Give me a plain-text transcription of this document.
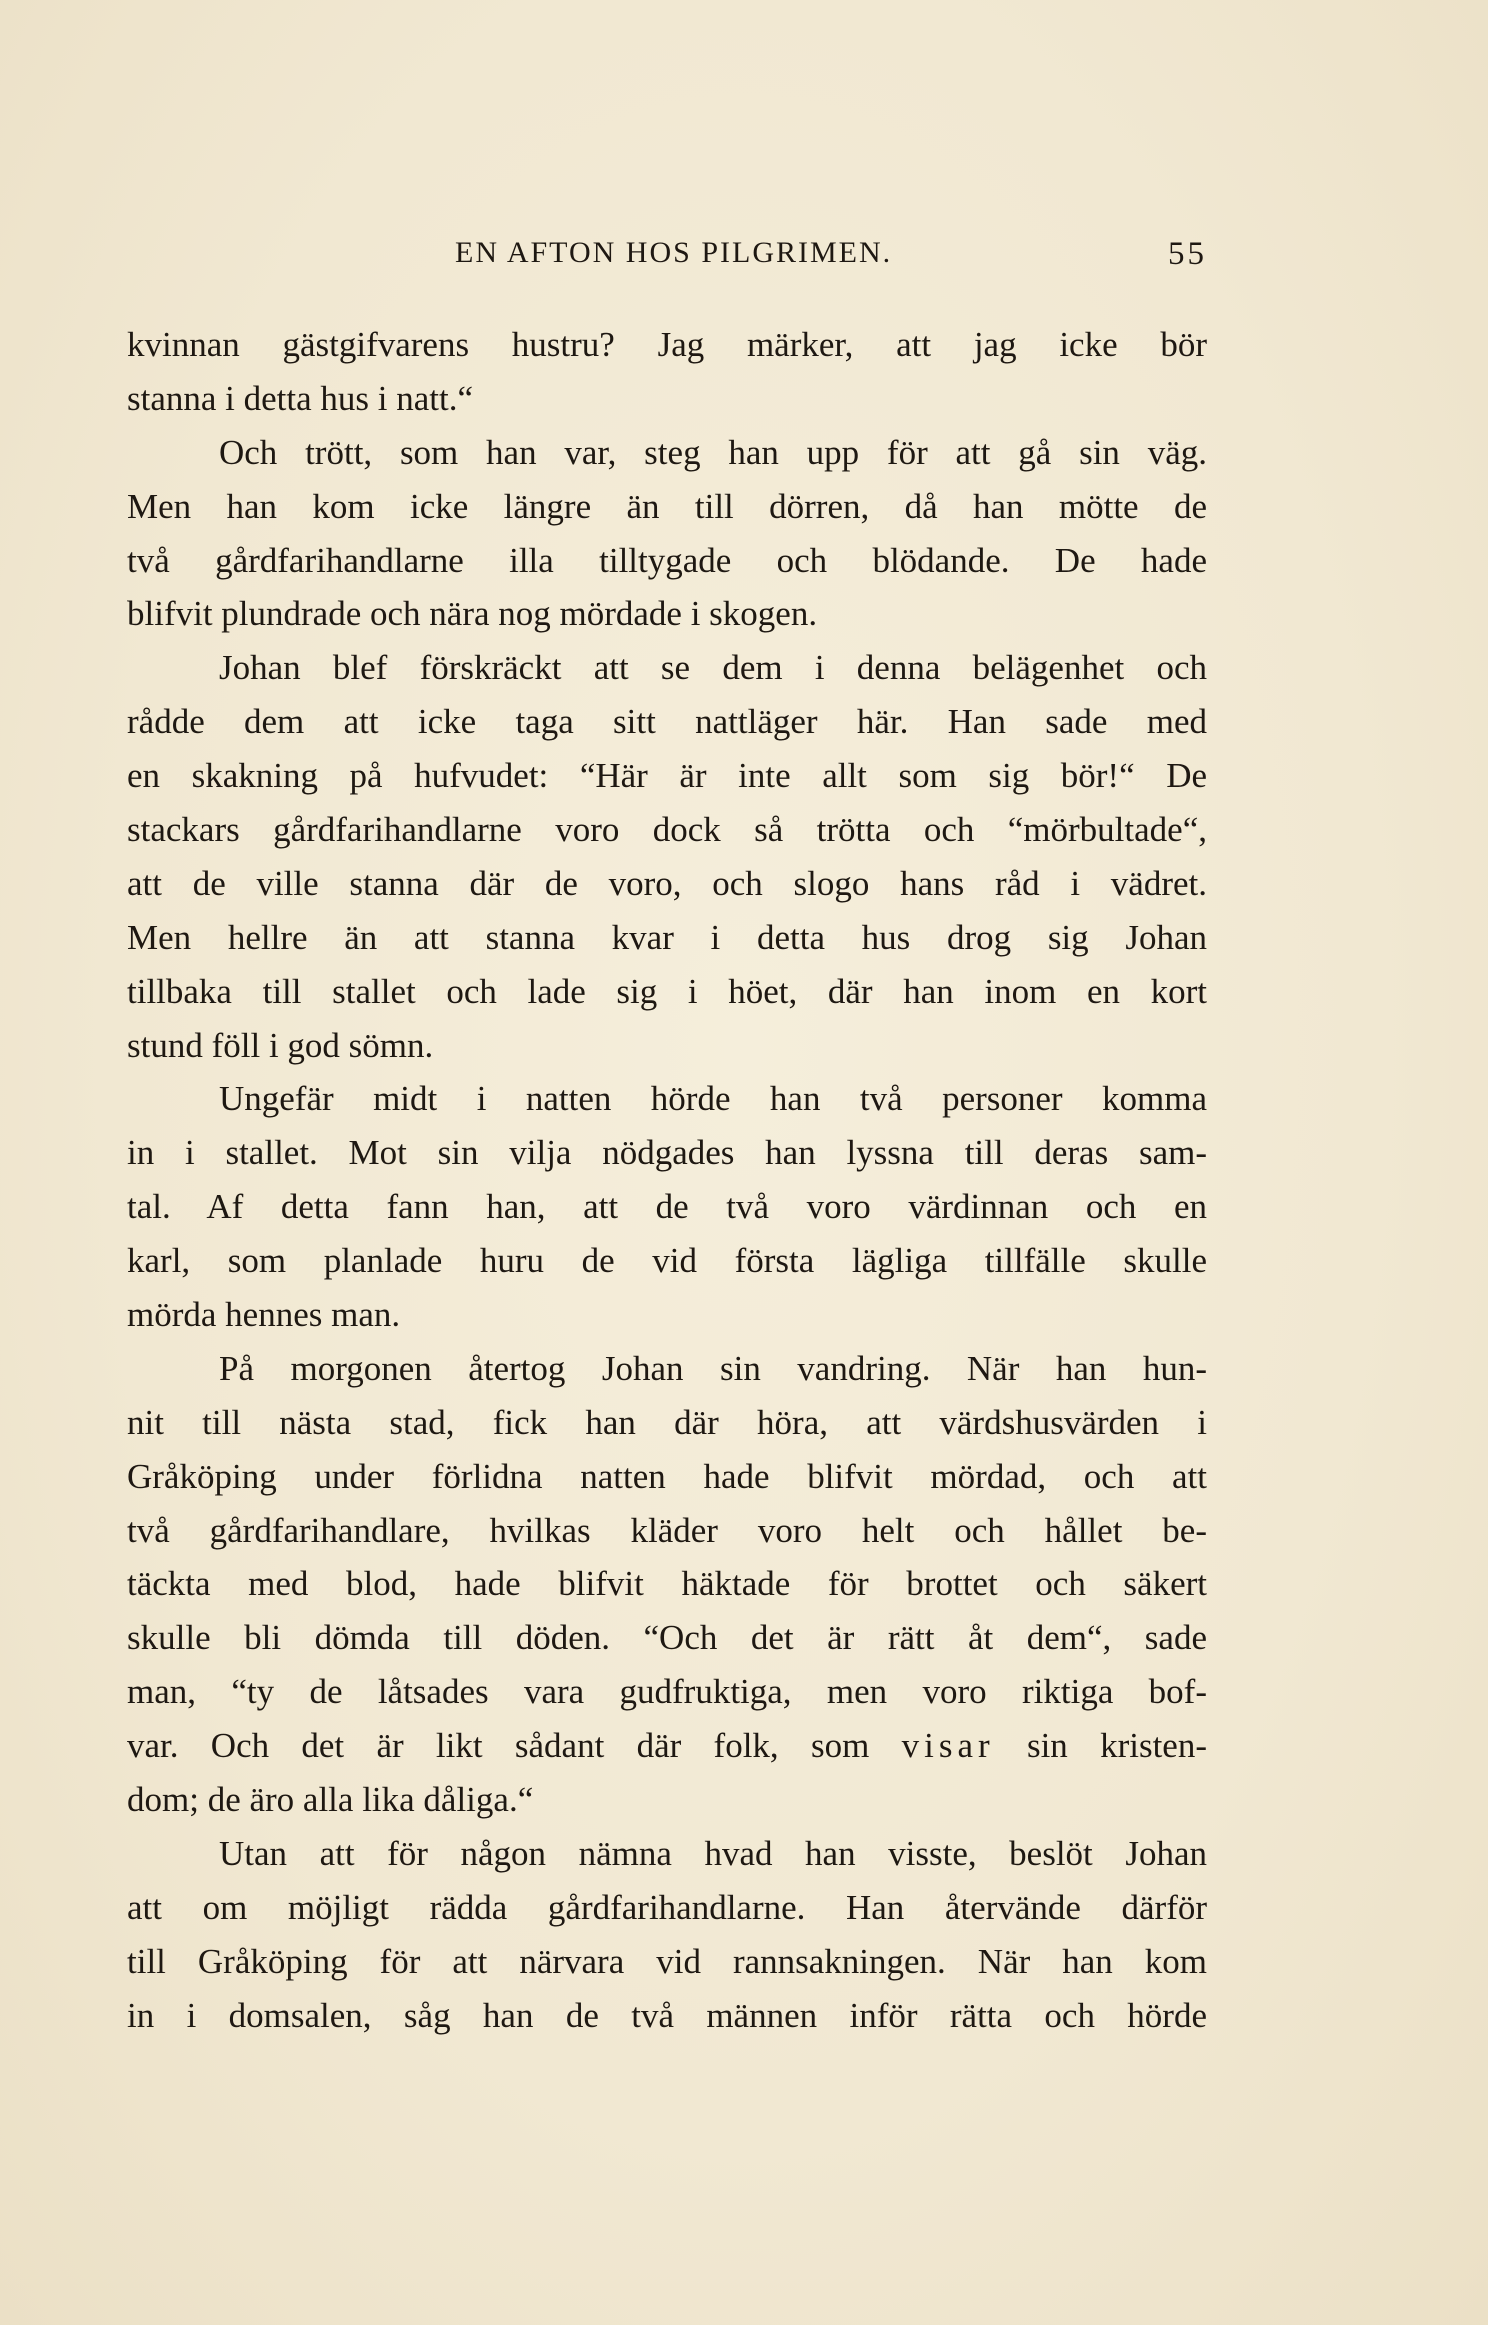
EN AFTON HOS PILGRIMEN.	55
kvinnan gästgifvarens hustru? Jag märker, att jag icke bör
stanna i detta hus i natt.“
Och trött, som han var, steg han upp för att gå sin väg.
Men han kom icke längre än till dörren, då han mötte de
två gårdfarihandlarne illa tilltygade och blödande. De hade
blifvit plundrade och nära nog mördade i skogen.
Johan blef förskräckt att se dem i denna belägenhet och
rådde dem att icke taga sitt nattläger här. Han sade med
en skakning på hufvudet: “Här är inte allt som sig bör!“ De
stackars gårdfarihandlarne voro dock så trötta och “mörbultade“,
att de ville stanna där de voro, och slogo hans råd i vädret.
Men hellre än att stanna kvar i detta hus drog sig Johan
tillbaka till stallet och lade sig i höet, där han inom en kort
stund föll i god sömn.
Ungefär midt i natten hörde han två personer komma
in i stallet. Mot sin vilja nödgades han lyssna till deras sam-
tal. Af detta fann han, att de två voro värdinnan och en
karl, som planlade huru de vid första lägliga tillfälle skulle
mörda hennes man.
På morgonen återtog Johan sin vandring. När han hun-
nit till nästa stad, fick han där höra, att värdshusvärden i
Gråköping under förlidna natten hade blifvit mördad, och att
två gårdfarihandlare, hvilkas kläder voro helt och hållet be-
täckta med blod, hade blifvit häktade för brottet och säkert
skulle bli dömda till döden. “Och det är rätt åt dem“, sade
man, “ty de låtsades vara gudfruktiga, men voro riktiga bof-
var. Och det är likt sådant där folk, som visar sin kristen-
dom; de äro alla lika dåliga.“
Utan att för någon nämna hvad han visste, beslöt Johan
att om möjligt rädda gårdfarihandlarne. Han återvände därför
till Gråköping för att närvara vid rannsakningen. När han kom
in i domsalen, såg han de två männen inför rätta och hörde
